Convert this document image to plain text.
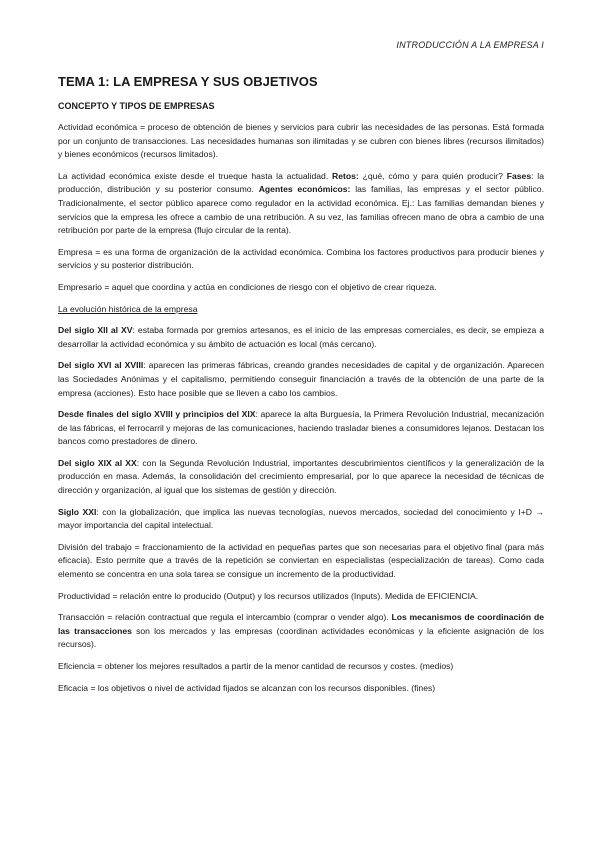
INTRODUCCIÓN A LA EMPRESA I
TEMA 1: LA EMPRESA Y SUS OBJETIVOS
CONCEPTO Y TIPOS DE EMPRESAS

Actividad económica = proceso de obtención de bienes y servicios para cubrir las necesidades de las personas. Está formada por un conjunto de transacciones. Las necesidades humanas son ilimitadas y se cubren con bienes libres (recursos ilimitados) y bienes económicos (recursos limitados).

La actividad económica existe desde el trueque hasta la actualidad. Retos: ¿qué, cómo y para quién producir? Fases: la producción, distribución y su posterior consumo. Agentes económicos: las familias, las empresas y el sector público. Tradicionalmente, el sector público aparece como regulador en la actividad económica. Ej.: Las familias demandan bienes y servicios que la empresa les ofrece a cambio de una retribución. A su vez, las familias ofrecen mano de obra a cambio de una retribución por parte de la empresa (flujo circular de la renta).

Empresa = es una forma de organización de la actividad económica. Combina los factores productivos para producir bienes y servicios y su posterior distribución.

Empresario = aquel que coordina y actúa en condiciones de riesgo con el objetivo de crear riqueza.

La evolución histórica de la empresa

Del siglo XII al XV: estaba formada por gremios artesanos, es el inicio de las empresas comerciales, es decir, se empieza a desarrollar la actividad económica y su ámbito de actuación es local (más cercano).

Del siglo XVI al XVIII: aparecen las primeras fábricas, creando grandes necesidades de capital y de organización. Aparecen las Sociedades Anónimas y el capitalismo, permitiendo conseguir financiación a través de la obtención de una parte de la empresa (acciones). Esto hace posible que se lleven a cabo los cambios.

Desde finales del siglo XVIII y principios del XIX: aparece la alta Burguesía, la Primera Revolución Industrial, mecanización de las fábricas, el ferrocarril y mejoras de las comunicaciones, haciendo trasladar bienes a consumidores lejanos. Destacan los bancos como prestadores de dinero.

Del siglo XIX al XX: con la Segunda Revolución Industrial, importantes descubrimientos científicos y la generalización de la producción en masa. Además, la consolidación del crecimiento empresarial, por lo que aparece la necesidad de técnicas de dirección y organización, al igual que los sistemas de gestión y dirección.

Siglo XXI: con la globalización, que implica las nuevas tecnologías, nuevos mercados, sociedad del conocimiento y I+D → mayor importancia del capital intelectual.

División del trabajo = fraccionamiento de la actividad en pequeñas partes que son necesarias para el objetivo final (para más eficacia). Esto permite que a través de la repetición se conviertan en especialistas (especialización de tareas). Como cada elemento se concentra en una sola tarea se consigue un incremento de la productividad.

Productividad = relación entre lo producido (Output) y los recursos utilizados (Inputs). Medida de EFICIENCIA.

Transacción = relación contractual que regula el intercambio (comprar o vender algo). Los mecanismos de coordinación de las transacciones son los mercados y las empresas (coordinan actividades económicas y la eficiente asignación de los recursos).

Eficiencia = obtener los mejores resultados a partir de la menor cantidad de recursos y costes. (medios)

Eficacia = los objetivos o nivel de actividad fijados se alcanzan con los recursos disponibles. (fines)
